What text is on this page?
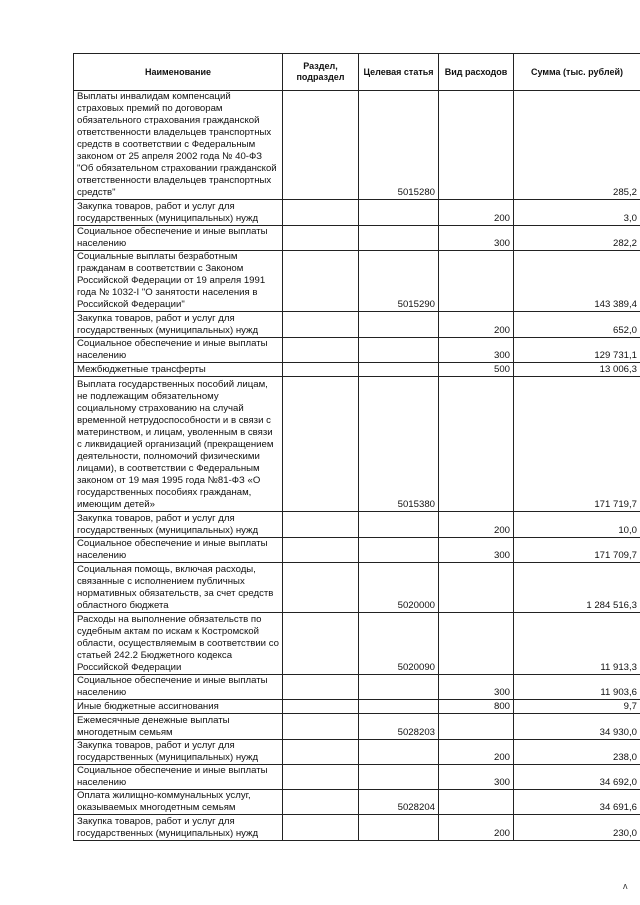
Наименование	Раздел, подраздел	Целевая статья	Вид расходов	Сумма (тыс. рублей)
Выплаты инвалидам компенсаций страховых премий по договорам обязательного страхования гражданской ответственности владельцев транспортных средств в соответствии с Федеральным законом от 25 апреля 2002 года № 40-ФЗ "Об обязательном страховании гражданской ответственности владельцев транспортных средств"		5015280		285,2
Закупка товаров, работ и услуг для государственных (муниципальных) нужд			200	3,0
Социальное обеспечение и иные выплаты населению			300	282,2
Социальные выплаты безработным гражданам в соответствии с Законом Российской Федерации от 19 апреля 1991 года № 1032-I "О занятости населения в Российской Федерации"		5015290		143 389,4
Закупка товаров, работ и услуг для государственных (муниципальных) нужд			200	652,0
Социальное обеспечение и иные выплаты населению			300	129 731,1
Межбюджетные трансферты			500	13 006,3
Выплата государственных пособий лицам, не подлежащим обязательному социальному страхованию на случай временной нетрудоспособности и в связи с материнством, и лицам, уволенным в связи с ликвидацией организаций (прекращением деятельности, полномочий физическими лицами), в соответствии с Федеральным законом от 19 мая 1995 года №81-ФЗ «О государственных пособиях гражданам, имеющим детей»		5015380		171 719,7
Закупка товаров, работ и услуг для государственных (муниципальных) нужд			200	10,0
Социальное обеспечение и иные выплаты населению			300	171 709,7
Социальная помощь, включая расходы, связанные с исполнением публичных нормативных обязательств, за счет средств областного бюджета		5020000		1 284 516,3
Расходы на выполнение обязательств по судебным актам по искам к Костромской области, осуществляемым в соответствии со статьей 242.2 Бюджетного кодекса Российской Федерации		5020090		11 913,3
Социальное обеспечение и иные выплаты населению			300	11 903,6
Иные бюджетные ассигнования			800	9,7
Ежемесячные денежные выплаты многодетным семьям		5028203		34 930,0
Закупка товаров, работ и услуг для государственных (муниципальных) нужд			200	238,0
Социальное обеспечение и иные выплаты населению			300	34 692,0
Оплата жилищно-коммунальных услуг, оказываемых многодетным семьям		5028204		34 691,6
Закупка товаров, работ и услуг для государственных (муниципальных) нужд			200	230,0
ʌ
